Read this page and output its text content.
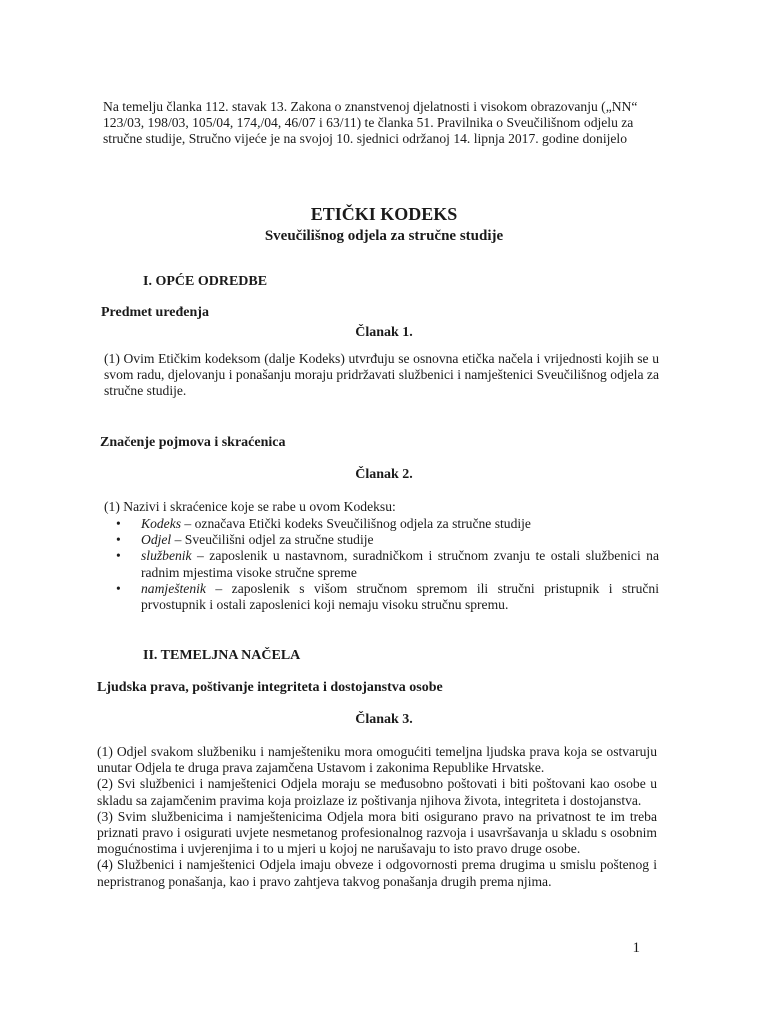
Na temelju članka 112. stavak 13. Zakona o znanstvenoj djelatnosti i visokom obrazovanju („NN“ 123/03, 198/03, 105/04, 174,/04, 46/07 i 63/11) te članka 51. Pravilnika o Sveučilišnom odjelu za stručne studije, Stručno vijeće je na svojoj 10. sjednici održanoj 14. lipnja 2017. godine donijelo

ETIČKI KODEKS
Sveučilišnog odjela za stručne studije
I. OPĆE ODREDBE
Predmet uređenja
Članak 1.

(1) Ovim Etičkim kodeksom (dalje Kodeks) utvrđuju se osnovna etička načela i vrijednosti kojih se u svom radu, djelovanju i ponašanju moraju pridržavati službenici i namještenici Sveučilišnog odjela za stručne studije.

Značenje pojmova i skraćenica
Članak 2.

(1) Nazivi i skraćenice koje se rabe u ovom Kodeksu:

• Kodeks – označava Etički kodeks Sveučilišnog odjela za stručne studije
• Odjel – Sveučilišni odjel za stručne studije
• službenik – zaposlenik u nastavnom, suradničkom i stručnom zvanju te ostali službenici na radnim mjestima visoke stručne spreme
• namještenik – zaposlenik s višom stručnom spremom ili stručni pristupnik i stručni prvostupnik i ostali zaposlenici koji nemaju visoku stručnu spremu.
II. TEMELJNA NAČELA
Ljudska prava, poštivanje integriteta i dostojanstva osobe
Članak 3.

(1) Odjel svakom službeniku i namješteniku mora omogućiti temeljna ljudska prava koja se ostvaruju unutar Odjela te druga prava zajamčena Ustavom i zakonima Republike Hrvatske.
(2) Svi službenici i namještenici Odjela moraju se međusobno poštovati i biti poštovani kao osobe u skladu sa zajamčenim pravima koja proizlaze iz poštivanja njihova života, integriteta i dostojanstva.
(3) Svim službenicima i namještenicima Odjela mora biti osigurano pravo na privatnost te im treba priznati pravo i osigurati uvjete nesmetanog profesionalnog razvoja i usavršavanja u skladu s osobnim mogućnostima i uvjerenjima i to u mjeri u kojoj ne narušavaju to isto pravo druge osobe.
(4) Službenici i namještenici Odjela imaju obveze i odgovornosti prema drugima u smislu poštenog i nepristranog ponašanja, kao i pravo zahtjeva takvog ponašanja drugih prema njima.

1
